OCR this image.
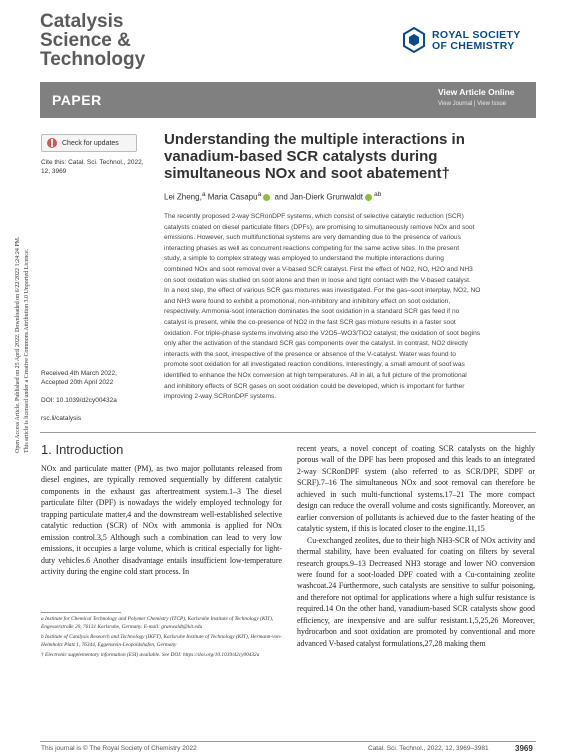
Catalysis
Science &
Technology
ROYAL SOCIETY
OF CHEMISTRY
PAPER	View Article Online
View Journal | View Issue
Open Access Article. Published on 25 April 2022. Downloaded on 6/22/2022 1:24:24 PM. This article is licensed under a Creative Commons Attribution 3.0 Unported Licence.
Check for updates
Cite this: Catal. Sci. Technol., 2022,
12, 3969
Understanding the multiple interactions in
vanadium-based SCR catalysts during
simultaneous NOx and soot abatement†
Lei Zheng,$^a$ Maria Casapu$^a$ and Jan-Dierk Grunwaldt $^{ab}$
The recently proposed 2-way SCRonDPF systems, which consist of selective catalytic reduction (SCR)
catalysts coated on diesel particulate filters (DPFs), are promising to simultaneously remove NOx and soot
emissions. However, such multifunctional systems are very demanding due to the presence of various
interacting phases as well as concurrent reactions competing for the same active sites. In the present
study, a simple to complex strategy was employed to understand the multiple interactions during
combined NOx and soot removal over a V-based SCR catalyst. First the effect of NO2, NO, H2O and NH3
on soot oxidation was studied on soot alone and then in loose and tight contact with the V-based catalyst.
In a next step, the effect of various SCR gas mixtures was investigated. For the gas–soot interplay, NO2, NO
and NH3 were found to exhibit a promotional, non-inhibitory and inhibitory effect on soot oxidation,
respectively. Ammonia-soot interaction dominates the soot oxidation in a standard SCR gas feed if no
catalyst is present, while the co-presence of NO2 in the fast SCR gas mixture results in a faster soot
oxidation. For triple-phase systems involving also the V2O5–WO3/TiO2 catalyst, the oxidation of soot begins
only after the activation of the standard SCR gas components over the catalyst. In contrast, NO2 directly
interacts with the soot, irrespective of the presence or absence of the V-catalyst. Water was found to
promote soot oxidation for all investigated reaction conditions. Interestingly, a small amount of soot was
identified to enhance the NOx conversion at high temperatures. All in all, a full picture of the promotional
and inhibitory effects of SCR gases on soot oxidation could be developed, which is important for further
improving 2-way SCRonDPF systems.
Received 4th March 2022,
Accepted 20th April 2022
DOI: 10.1039/d2cy00432a
rsc.li/catalysis
1. Introduction

NOx and particulate matter (PM), as two major pollutants released from diesel engines, are typically removed sequentially by different catalytic components in the exhaust gas aftertreatment system.1–3 The diesel particulate filter (DPF) is nowadays the widely employed technology for trapping particulate matter,4 and the downstream well-established selective catalytic reduction (SCR) of NOx with ammonia is applied for NOx emission control.3,5 Although such a combination can lead to very low emissions, it occupies a large volume, which is critical especially for light-duty vehicles.6 Another disadvantage entails insufficient low-temperature activity during the engine cold start process. In

recent years, a novel concept of coating SCR catalysts on the highly porous wall of the DPF has been proposed and this leads to an integrated 2-way SCRonDPF system (also referred to as SCR/DPF, SDPF or SCRF).7–16 The simultaneous NOx and soot removal can therefore be achieved in such multi-functional systems.17–21 The more compact design can reduce the overall volume and costs significantly. Moreover, an earlier conversion of pollutants is achieved due to the faster heating of the catalytic system, if this is located closer to the engine.11,15

Cu-exchanged zeolites, due to their high NH3-SCR of NOx activity and thermal stability, have been evaluated for coating on filters by several research groups.9–13 Decreased NH3 storage and lower NO conversion were found for a soot-loaded DPF coated with a Cu-containing zeolite washcoat.24 Furthermore, such catalysts are sensitive to sulfur poisoning, and therefore not optimal for applications where a high sulfur resistance is required.14 On the other hand, vanadium-based SCR catalysts show good efficiency, are inexpensive and are sulfur resistant.1,5,25,26 Moreover, hydrocarbon and soot oxidation are promoted by conventional and more advanced V-based catalyst formulations,27,28 making them

a Institute for Chemical Technology and Polymer Chemistry (ITCP), Karlsruhe Institute of Technology (KIT), Engesserstraße 20, 76131 Karlsruhe, Germany. E-mail: grunwaldt@kit.edu

b Institute of Catalysis Research and Technology (IKFT), Karlsruhe Institute of Technology (KIT), Hermann-von-Helmholtz Platz 1, 76344, Eggenstein-Leopoldshafen, Germany

† Electronic supplementary information (ESI) available. See DOI: https://doi.org/10.1039/d2cy00432a

This journal is © The Royal Society of Chemistry 2022	Catal. Sci. Technol., 2022, 12, 3969–3981	3969
